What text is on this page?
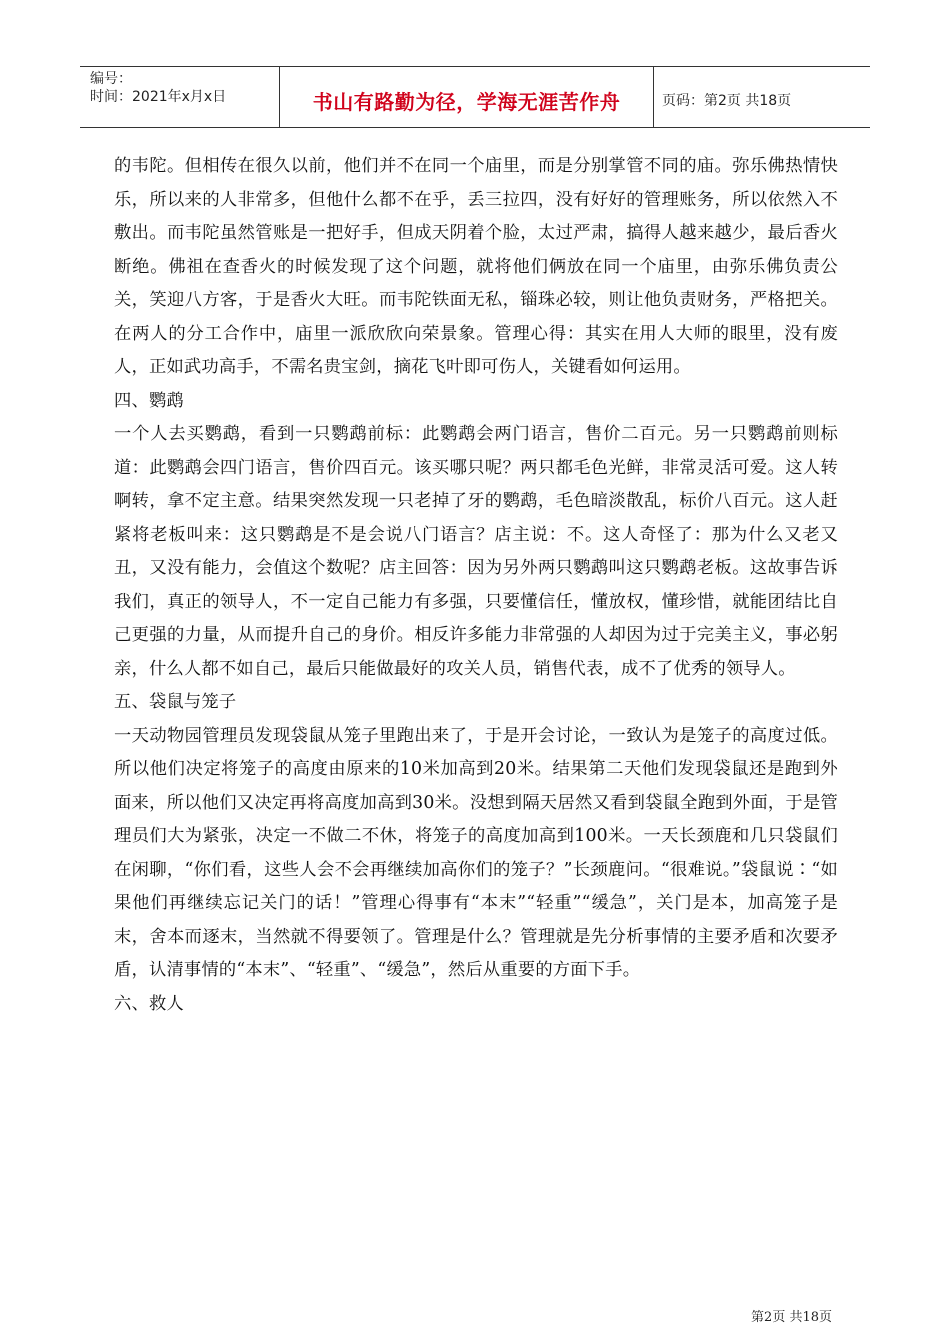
编号：
时间：2021年x月x日	书山有路勤为径，学海无涯苦作舟	页码：第2页 共18页

的韦陀。但相传在很久以前，他们并不在同一个庙里，而是分别掌管不同的庙。弥乐佛热情快乐，所以来的人非常多，但他什么都不在乎，丢三拉四，没有好好的管理账务，所以依然入不敷出。而韦陀虽然管账是一把好手，但成天阴着个脸，太过严肃，搞得人越来越少，最后香火断绝。佛祖在查香火的时候发现了这个问题，就将他们俩放在同一个庙里，由弥乐佛负责公关，笑迎八方客，于是香火大旺。而韦陀铁面无私，锱珠必较，则让他负责财务，严格把关。在两人的分工合作中，庙里一派欣欣向荣景象。管理心得：其实在用人大师的眼里，没有废人，正如武功高手，不需名贵宝剑，摘花飞叶即可伤人，关键看如何运用。

四、鹦鹉

一个人去买鹦鹉，看到一只鹦鹉前标：此鹦鹉会两门语言，售价二百元。另一只鹦鹉前则标道：此鹦鹉会四门语言，售价四百元。该买哪只呢？两只都毛色光鲜，非常灵活可爱。这人转啊转，拿不定主意。结果突然发现一只老掉了牙的鹦鹉，毛色暗淡散乱，标价八百元。这人赶紧将老板叫来：这只鹦鹉是不是会说八门语言？店主说：不。这人奇怪了：那为什么又老又丑，又没有能力，会值这个数呢？店主回答：因为另外两只鹦鹉叫这只鹦鹉老板。这故事告诉我们，真正的领导人，不一定自己能力有多强，只要懂信任，懂放权，懂珍惜，就能团结比自己更强的力量，从而提升自己的身价。相反许多能力非常强的人却因为过于完美主义，事必躬亲，什么人都不如自己，最后只能做最好的攻关人员，销售代表，成不了优秀的领导人。

五、袋鼠与笼子

一天动物园管理员发现袋鼠从笼子里跑出来了，于是开会讨论，一致认为是笼子的高度过低。所以他们决定将笼子的高度由原来的10米加高到20米。结果第二天他们发现袋鼠还是跑到外面来，所以他们又决定再将高度加高到30米。没想到隔天居然又看到袋鼠全跑到外面，于是管理员们大为紧张，决定一不做二不休，将笼子的高度加高到100米。一天长颈鹿和几只袋鼠们在闲聊，“你们看，这些人会不会再继续加高你们的笼子？”长颈鹿问。“很难说。”袋鼠说∶“如果他们再继续忘记关门的话！”管理心得事有“本末”“轻重”“缓急”，关门是本，加高笼子是末，舍本而逐末，当然就不得要领了。管理是什么？管理就是先分析事情的主要矛盾和次要矛盾，认清事情的“本末”、“轻重”、“缓急”，然后从重要的方面下手。

六、救人

第2页 共18页
